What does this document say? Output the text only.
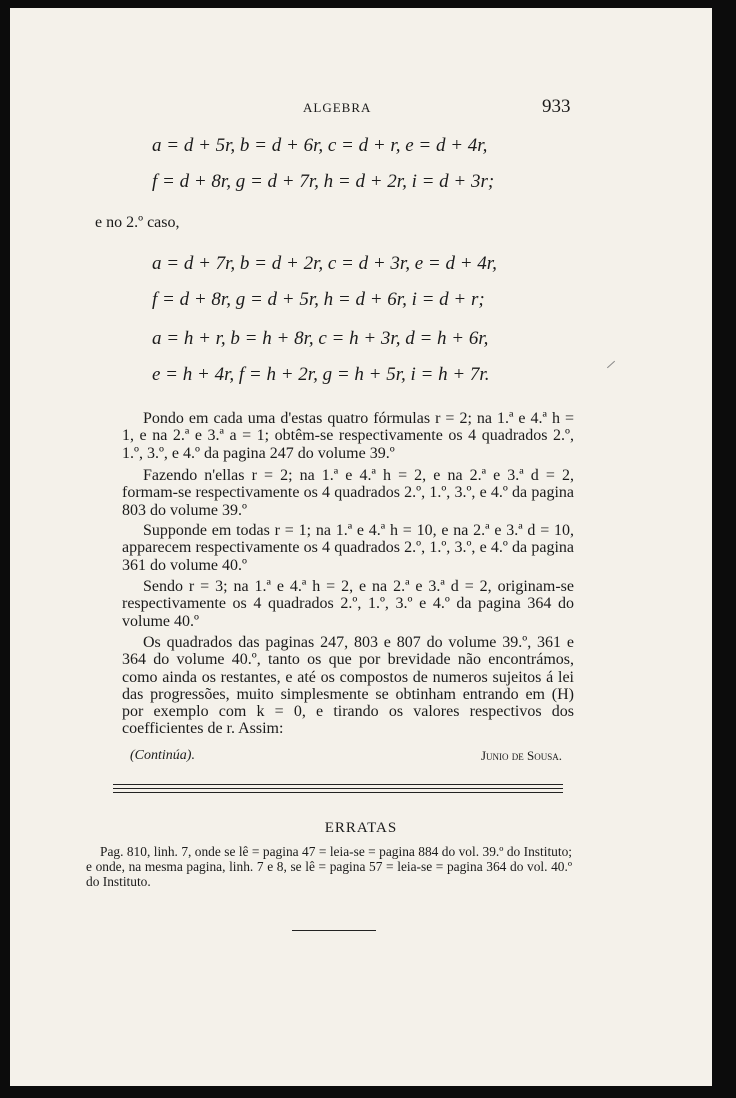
ALGEBRA	933
a = d + 5r, b = d + 6r, c = d + r, e = d + 4r,
f = d + 8r, g = d + 7r, h = d + 2r, i = d + 3r;
e no 2.º caso,
a = d + 7r, b = d + 2r, c = d + 3r, e = d + 4r,
f = d + 8r, g = d + 5r, h = d + 6r, i = d + r;
a = h + r, b = h + 8r, c = h + 3r, d = h + 6r,
e = h + 4r, f = h + 2r, g = h + 5r, i = h + 7r.

Pondo em cada uma d'estas quatro fórmulas r = 2; na 1.ª e 4.ª h = 1, e na 2.ª e 3.ª a = 1; obtêm-se respectivamente os 4 quadrados 2.º, 1.º, 3.º, e 4.º da pagina 247 do volume 39.º

Fazendo n'ellas r = 2; na 1.ª e 4.ª h = 2, e na 2.ª e 3.ª d = 2, formam-se respectivamente os 4 quadrados 2.º, 1.º, 3.º, e 4.º da pagina 803 do volume 39.º

Supponde em todas r = 1; na 1.ª e 4.ª h = 10, e na 2.ª e 3.ª d = 10, apparecem respectivamente os 4 quadrados 2.º, 1.º, 3.º, e 4.º da pagina 361 do volume 40.º

Sendo r = 3; na 1.ª e 4.ª h = 2, e na 2.ª e 3.ª d = 2, originam-se respectivamente os 4 quadrados 2.º, 1.º, 3.º e 4.º da pagina 364 do volume 40.º

Os quadrados das paginas 247, 803 e 807 do volume 39.º, 361 e 364 do volume 40.º, tanto os que por brevidade não encontrámos, como ainda os restantes, e até os compostos de numeros sujeitos á lei das progressões, muito simplesmente se obtinham entrando em (H) por exemplo com k = 0, e tirando os valores respectivos dos coefficientes de r. Assim:

(Continúa).	Junio de Sousa.
ERRATAS

Pag. 810, linh. 7, onde se lê = pagina 47 = leia-se = pagina 884 do vol. 39.º do Instituto; e onde, na mesma pagina, linh. 7 e 8, se lê = pagina 57 = leia-se = pagina 364 do vol. 40.º do Instituto.
